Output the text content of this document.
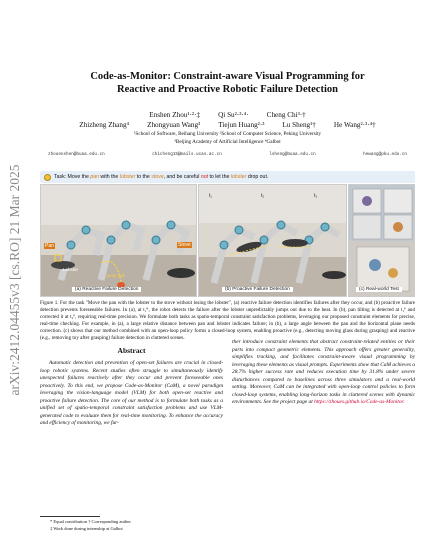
arXiv:2412.04455v3 [cs.RO] 21 Mar 2025
Code-as-Monitor: Constraint-aware Visual Programming for
Reactive and Proactive Robotic Failure Detection
Enshen Zhou¹·²·‡	Qi Su²·³·⁴·	Cheng Chi³·†
Zhizheng Zhang⁴	Zhongyuan Wang³	Tiejun Huang²·³	Lu Sheng¹†	He Wang²·³·⁴†
¹School of Software, Beihang University ²School of Computer Science, Peking University
³Beijing Academy of Artificial Intelligence ⁴Galbot
zhouenshen@buaa.edu.cn	chicheng15@mails.ucas.ac.cn	lsheng@buaa.edu.cn	hewang@pku.edu.cn
Task: Move the pan with the lobster to the stove, and be careful not to let the lobster drop out.
Pan
Lobster
Stove
jump out
(a) Reactive Failure Detection
t₁	t₂	t₃
(b) Proactive Failure Detection	(c) Real-world Test
Figure 1. For the task "Move the pan with the lobster to the stove without losing the lobster", (a) reactive failure detection identifies failures after they occur, and (b) proactive failure detection prevents foreseeable failures. In (a), at t₁ᴿ, the robot detects the failure after the lobster unpredictably jumps out due to the heat. In (b), pan tilting is detected at t₁ᴾ and corrected it at t₂ᴾ, requiring real-time precision. We formulate both tasks as spatio-temporal constraint satisfaction problems, leveraging our proposed constraint elements for precise, real-time checking. For example, in (a), a large relative distance between pan and lobster indicates failure; in (b), a large angle between the pan and the horizontal plane needs correction. (c) shows that our method combined with an open-loop policy forms a closed-loop system, enabling proactive (e.g., detecting moving glass during grasping) and reactive (e.g., removing toy after grasping) failure detection in cluttered scenes.
Abstract
Automatic detection and prevention of open-set failures are crucial in closed-loop robotic systems. Recent studies often struggle to simultaneously identify unexpected failures reactively after they occur and prevent foreseeable ones proactively. To this end, we propose Code-as-Monitor (CaM), a novel paradigm leveraging the vision-language model (VLM) for both open-set reactive and proactive failure detection. The core of our method is to formulate both tasks as a unified set of spatio-temporal constraint satisfaction problems and use VLM-generated code to evaluate them for real-time monitoring. To enhance the accuracy and efficiency of monitoring, we fur-
ther introduce constraint elements that abstract constraint-related entities or their parts into compact geometric elements. This approach offers greater generality, simplifies tracking, and facilitates constraint-aware visual programming by leveraging these elements as visual prompts. Experiments show that CaM achieves a 28.7% higher success rate and reduces execution time by 31.8% under severe disturbances compared to baselines across three simulators and a real-world setting. Moreover, CaM can be integrated with open-loop control policies to form closed-loop systems, enabling long-horizon tasks in cluttered scenes with dynamic environments. See the project page at https://zhoues.github.io/Code-as-Monitor.
* Equal contribution † Corresponding author
‡ Work done during internship at Galbot
